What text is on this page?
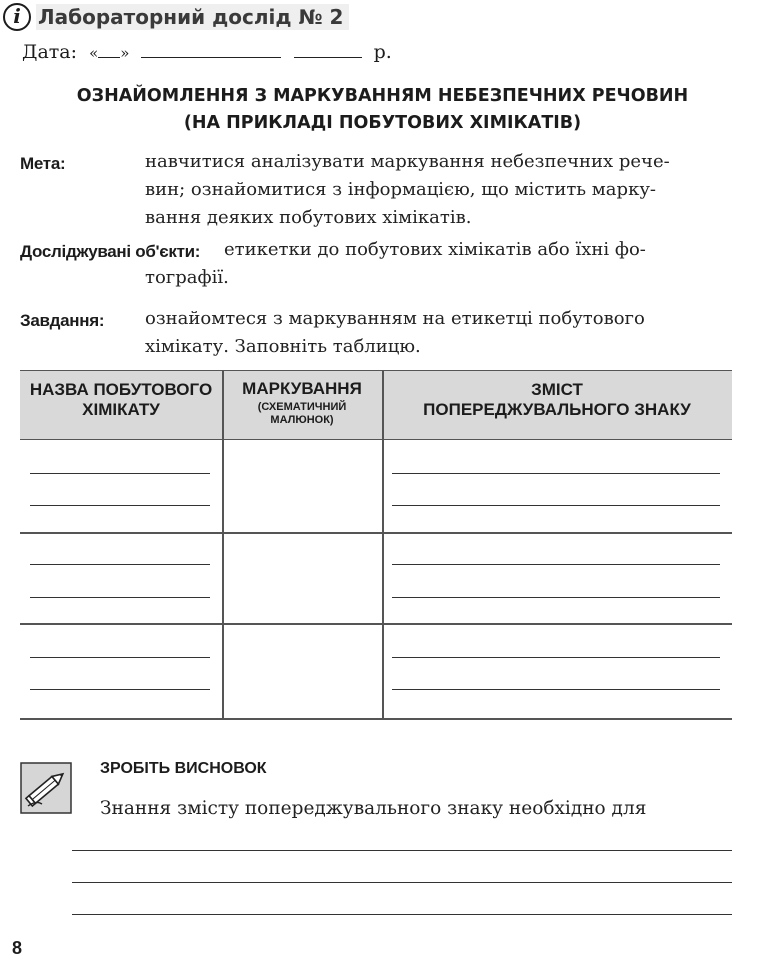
i Лабораторний дослід № 2
Дата: « »	р.
ОЗНАЙОМЛЕННЯ З МАРКУВАННЯМ НЕБЕЗПЕЧНИХ РЕЧОВИН
(НА ПРИКЛАДІ ПОБУТОВИХ ХІМІКАТІВ)
Мета:	навчитися аналізувати маркування небезпечних рече-
вин; ознайомитися з інформацією, що містить марку-
вання деяких побутових хімікатів.
Досліджувані об'єкти: етикетки до побутових хімікатів або їхні фо-
тографії.
Завдання: ознайомтеся з маркуванням на етикетці побутового
хімікату. Заповніть таблицю.
НАЗВА ПОБУТОВОГО
ХІМІКАТУ
МАРКУВАННЯ
(СХЕМАТИЧНИЙ
МАЛЮНОК)
ЗМІСТ
ПОПЕРЕДЖУВАЛЬНОГО ЗНАКУ
ЗРОБІТЬ ВИСНОВОК
Знання змісту попереджувального знаку необхідно для
8
